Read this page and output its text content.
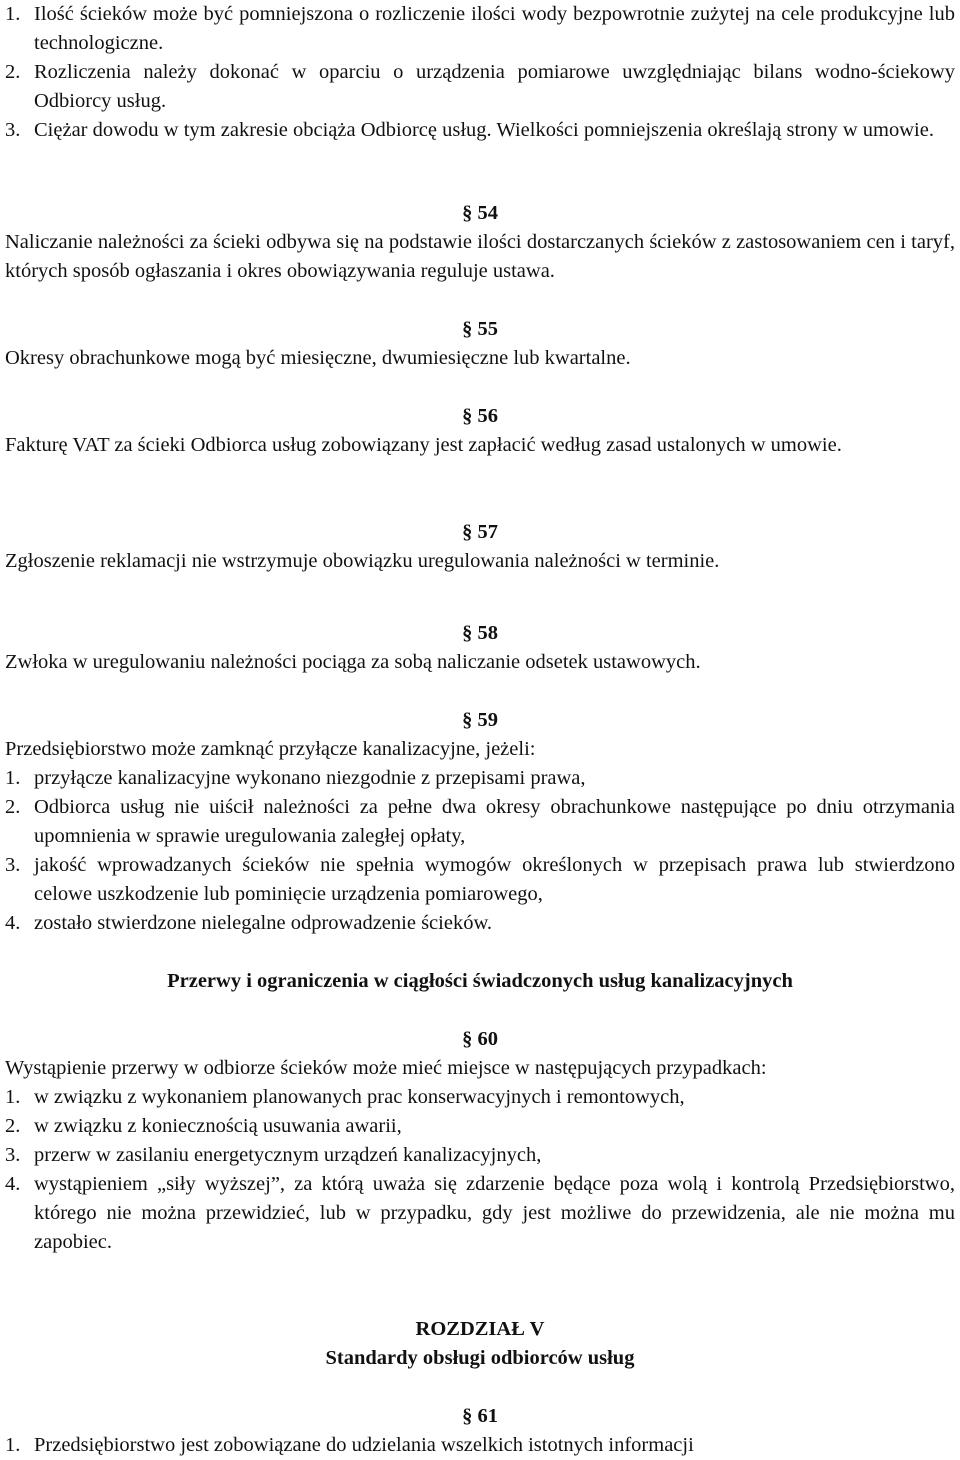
1. Ilość ścieków może być pomniejszona o rozliczenie ilości wody bezpowrotnie zużytej na cele produkcyjne lub technologiczne.
2. Rozliczenia należy dokonać w oparciu o urządzenia pomiarowe uwzględniając bilans wodno-ściekowy Odbiorcy usług.
3. Ciężar dowodu w tym zakresie obciąża Odbiorcę usług. Wielkości pomniejszenia określają strony w umowie.
§ 54
Naliczanie należności za ścieki odbywa się na podstawie ilości dostarczanych ścieków z zastosowaniem cen i taryf, których sposób ogłaszania i okres obowiązywania reguluje ustawa.
§ 55
Okresy obrachunkowe mogą być miesięczne, dwumiesięczne lub kwartalne.
§ 56
Fakturę VAT za ścieki Odbiorca usług zobowiązany jest zapłacić według zasad ustalonych w umowie.
§ 57
Zgłoszenie reklamacji nie wstrzymuje obowiązku uregulowania należności w terminie.
§ 58
Zwłoka w uregulowaniu należności pociąga za sobą naliczanie odsetek ustawowych.
§ 59

Przedsiębiorstwo może zamknąć przyłącze kanalizacyjne, jeżeli:

1. przyłącze kanalizacyjne wykonano niezgodnie z przepisami prawa,
2. Odbiorca usług nie uiścił należności za pełne dwa okresy obrachunkowe następujące po dniu otrzymania upomnienia w sprawie uregulowania zaległej opłaty,
3. jakość wprowadzanych ścieków nie spełnia wymogów określonych w przepisach prawa lub stwierdzono celowe uszkodzenie lub pominięcie urządzenia pomiarowego,
4. zostało stwierdzone nielegalne odprowadzenie ścieków.
Przerwy i ograniczenia w ciągłości świadczonych usług kanalizacyjnych
§ 60

Wystąpienie przerwy w odbiorze ścieków może mieć miejsce w następujących przypadkach:

1. w związku z wykonaniem planowanych prac konserwacyjnych i remontowych,
2. w związku z koniecznością usuwania awarii,
3. przerw w zasilaniu energetycznym urządzeń kanalizacyjnych,
4. wystąpieniem „siły wyższej”, za którą uważa się zdarzenie będące poza wolą i kontrolą Przedsiębiorstwo, którego nie można przewidzieć, lub w przypadku, gdy jest możliwe do przewidzenia, ale nie można mu zapobiec.
ROZDZIAŁ V
Standardy obsługi odbiorców usług
§ 61
1. Przedsiębiorstwo jest zobowiązane do udzielania wszelkich istotnych informacji
